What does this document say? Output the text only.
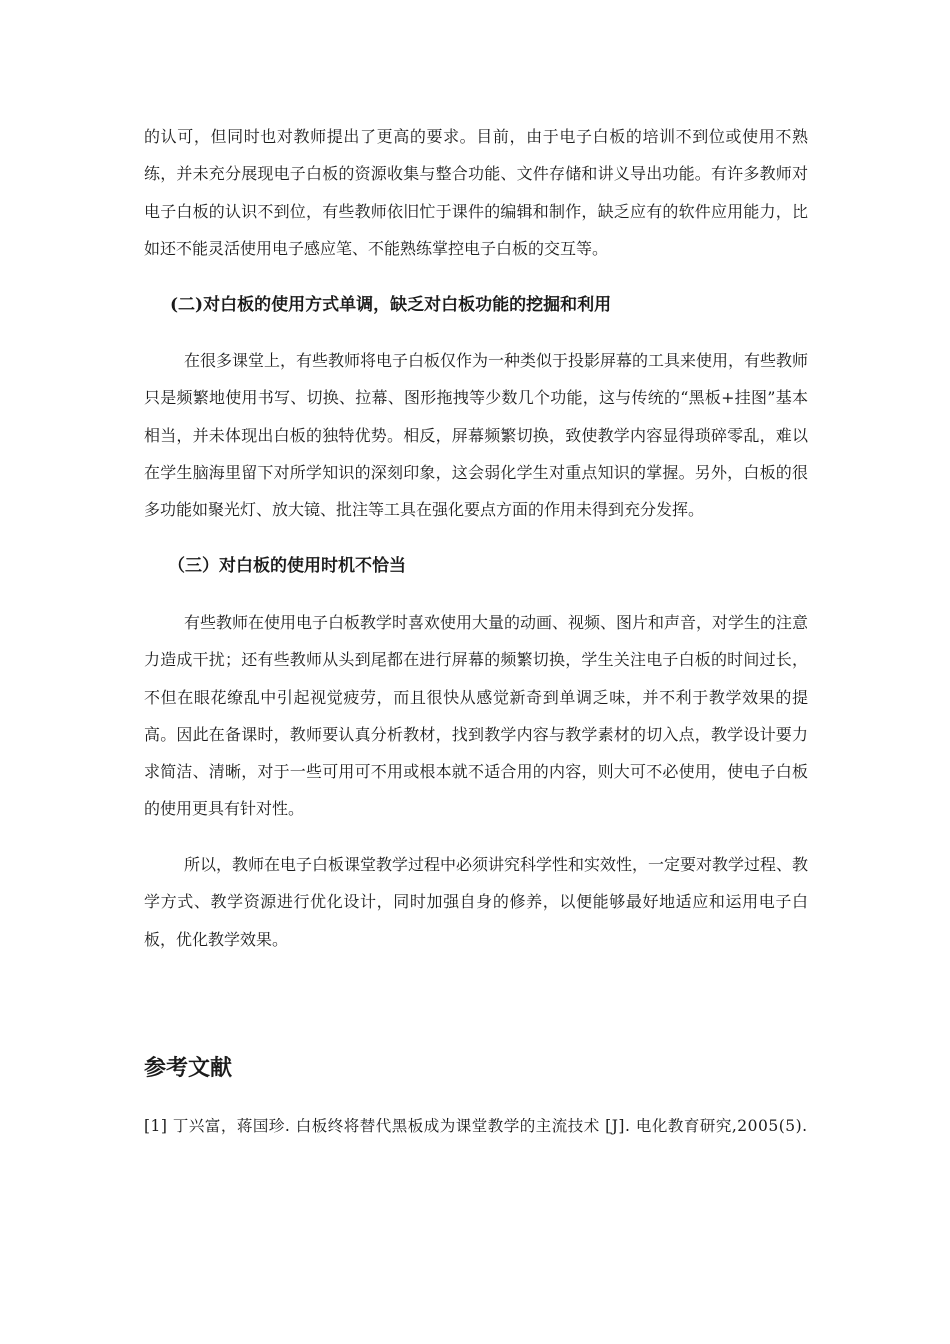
的认可，但同时也对教师提出了更高的要求。目前，由于电子白板的培训不到位或使用不熟练，并未充分展现电子白板的资源收集与整合功能、文件存储和讲义导出功能。有许多教师对电子白板的认识不到位，有些教师依旧忙于课件的编辑和制作，缺乏应有的软件应用能力，比如还不能灵活使用电子感应笔、不能熟练掌控电子白板的交互等。

(二)对白板的使用方式单调，缺乏对白板功能的挖掘和利用

在很多课堂上，有些教师将电子白板仅作为一种类似于投影屏幕的工具来使用，有些教师只是频繁地使用书写、切换、拉幕、图形拖拽等少数几个功能，这与传统的“黑板+挂图”基本相当，并未体现出白板的独特优势。相反，屏幕频繁切换，致使教学内容显得琐碎零乱，难以在学生脑海里留下对所学知识的深刻印象，这会弱化学生对重点知识的掌握。另外，白板的很多功能如聚光灯、放大镜、批注等工具在强化要点方面的作用未得到充分发挥。

（三）对白板的使用时机不恰当

有些教师在使用电子白板教学时喜欢使用大量的动画、视频、图片和声音，对学生的注意力造成干扰；还有些教师从头到尾都在进行屏幕的频繁切换，学生关注电子白板的时间过长，不但在眼花缭乱中引起视觉疲劳，而且很快从感觉新奇到单调乏味，并不利于教学效果的提高。因此在备课时，教师要认真分析教材，找到教学内容与教学素材的切入点，教学设计要力求简洁、清晰，对于一些可用可不用或根本就不适合用的内容，则大可不必使用，使电子白板的使用更具有针对性。

所以，教师在电子白板课堂教学过程中必须讲究科学性和实效性，一定要对教学过程、教学方式、教学资源进行优化设计，同时加强自身的修养，以便能够最好地适应和运用电子白板，优化教学效果。

参考文献

[1] 丁兴富，蒋国珍. 白板终将替代黑板成为课堂教学的主流技术 [J]. 电化教育研究,2005(5).
